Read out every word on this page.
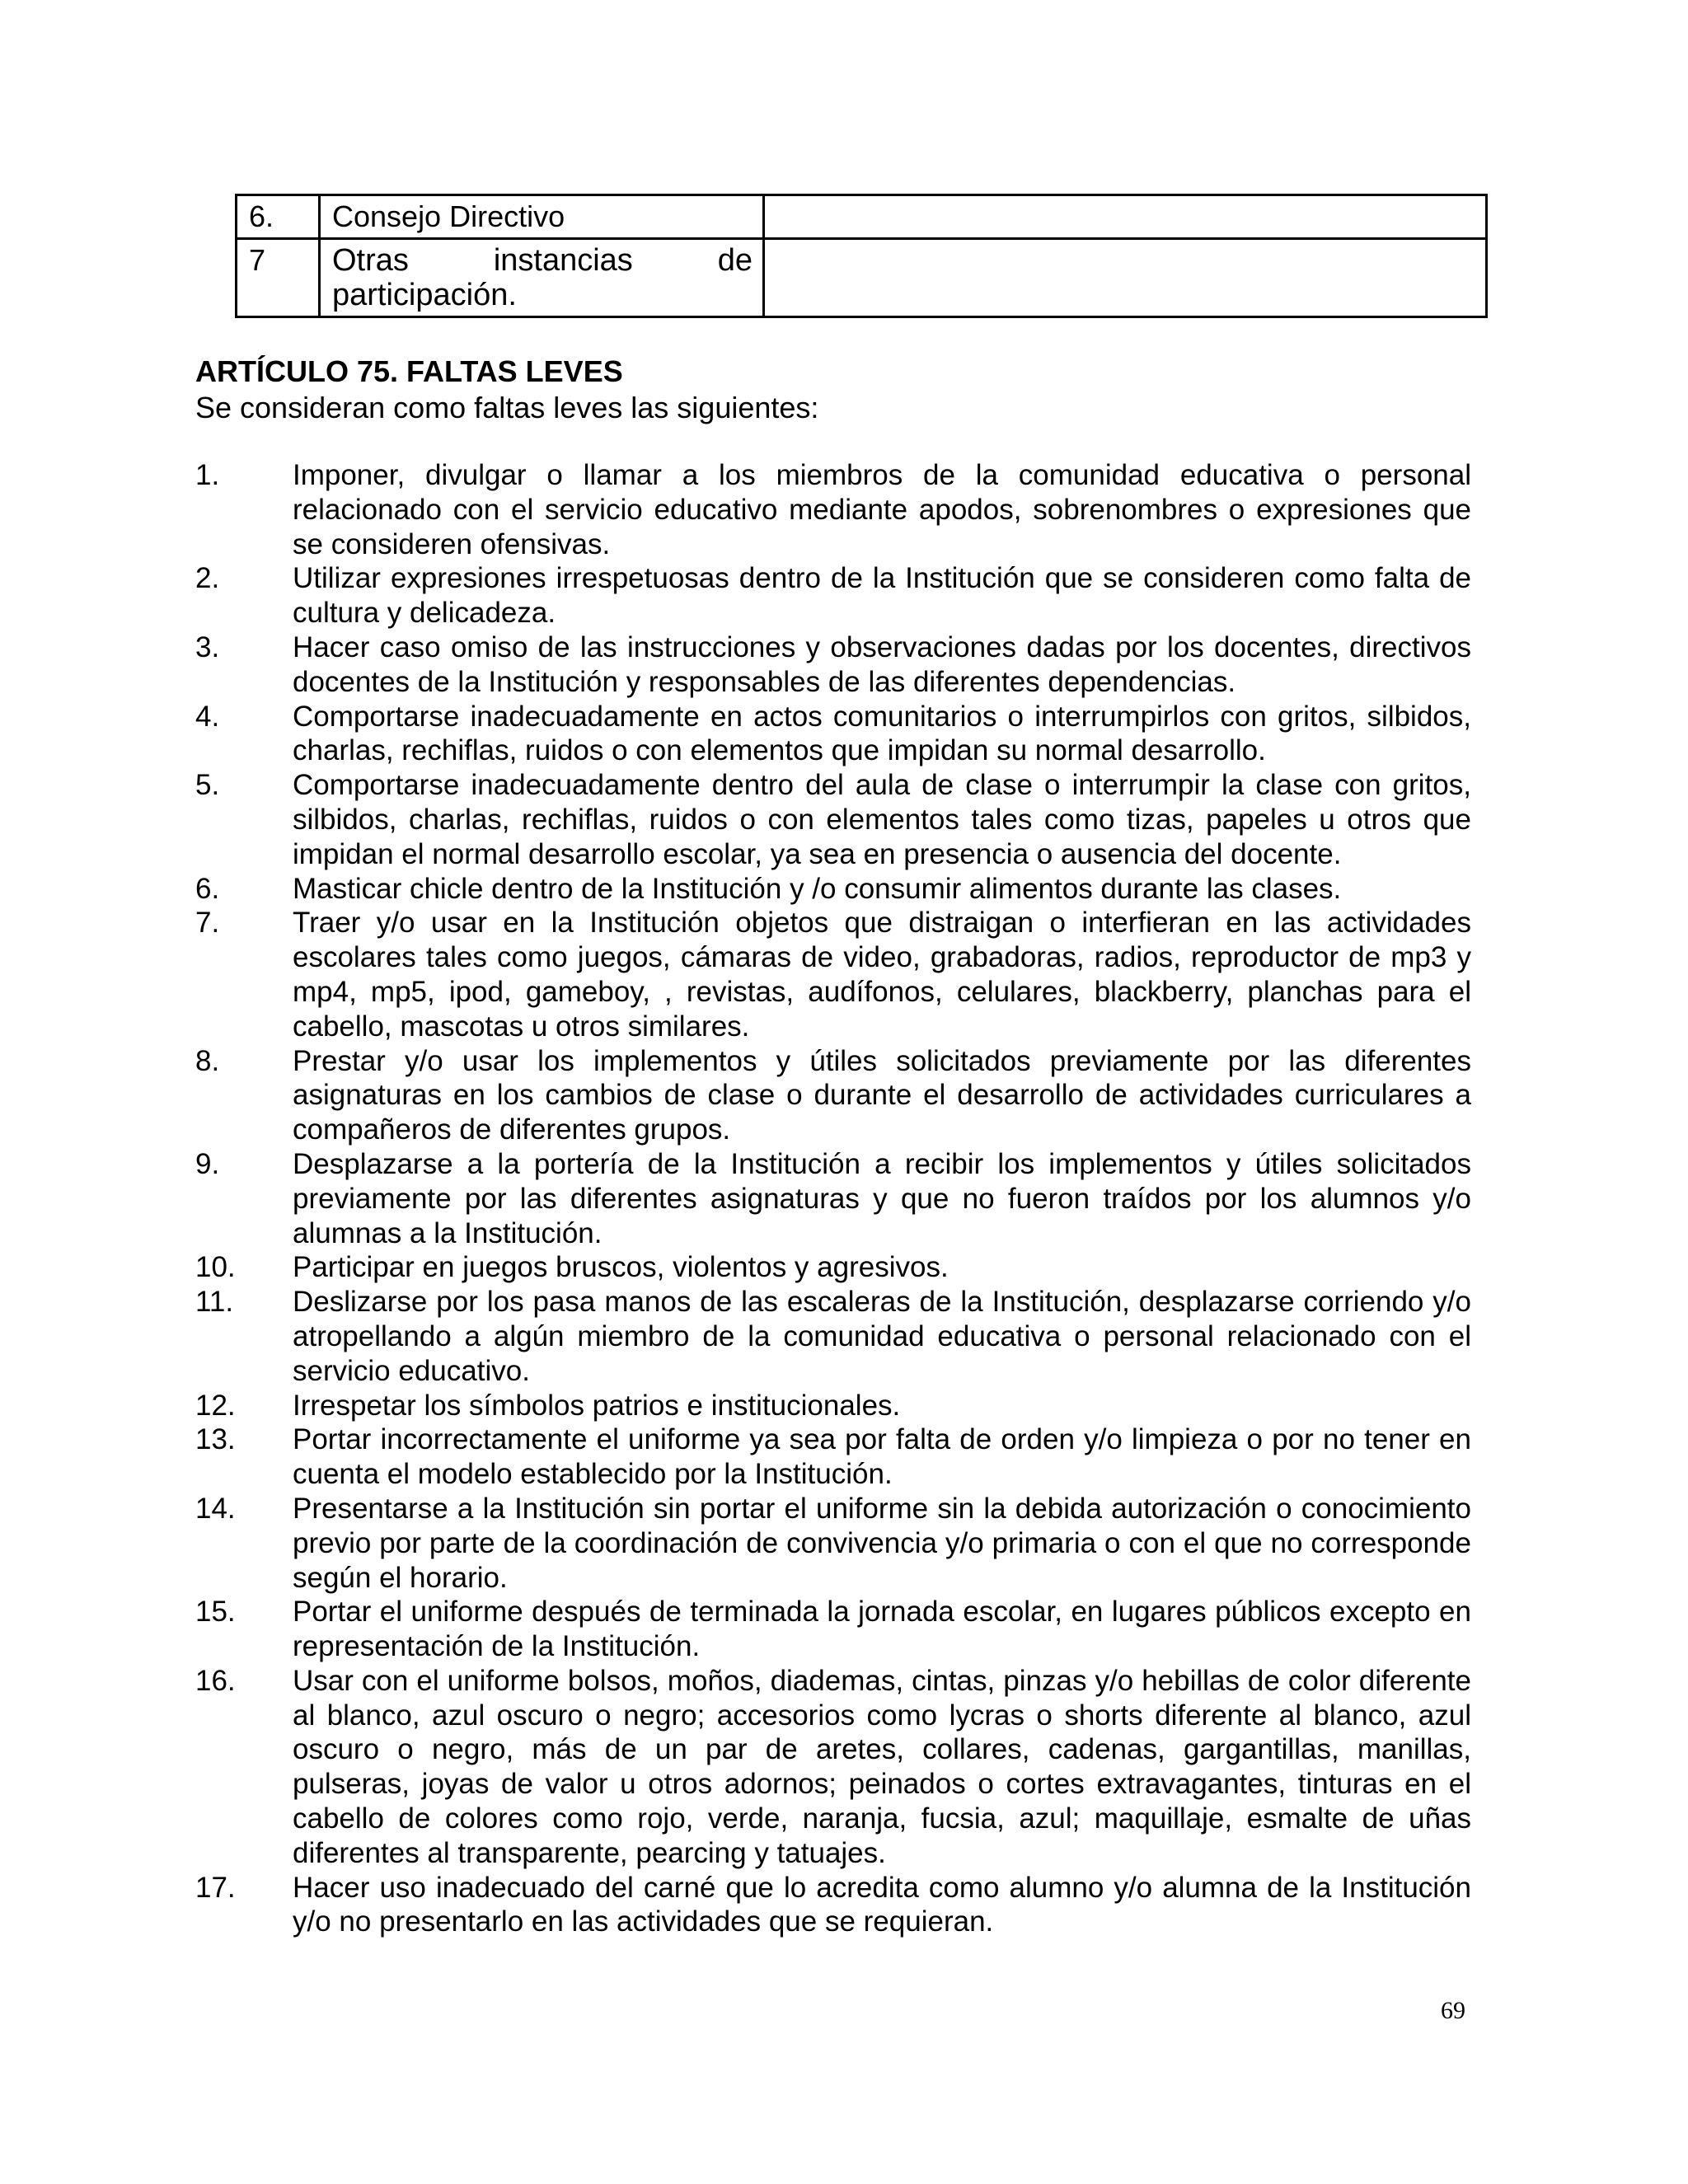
6.	Consejo Directivo	
7	Otras instancias de participación.	
ARTÍCULO 75. FALTAS LEVES
Se consideran como faltas leves las siguientes:
1.	Imponer, divulgar o llamar a los miembros de la comunidad educativa o personal relacionado con el servicio educativo mediante apodos, sobrenombres o expresiones que se consideren ofensivas.
2.	Utilizar expresiones irrespetuosas dentro de la Institución que se consideren como falta de cultura y delicadeza.
3.	Hacer caso omiso de las instrucciones y observaciones dadas por los docentes, directivos docentes de la Institución y responsables de las diferentes dependencias.
4.	Comportarse inadecuadamente en actos comunitarios o interrumpirlos con gritos, silbidos, charlas, rechiflas, ruidos o con elementos que impidan su normal desarrollo.
5.	Comportarse inadecuadamente dentro del aula de clase o interrumpir la clase con gritos, silbidos, charlas, rechiflas, ruidos o con elementos tales como tizas, papeles u otros que impidan el normal desarrollo escolar, ya sea en presencia o ausencia del docente.
6.	Masticar chicle dentro de la Institución y /o consumir alimentos durante las clases.
7.	Traer y/o usar en la Institución objetos que distraigan o interfieran en las actividades escolares tales como juegos, cámaras de video, grabadoras, radios, reproductor de mp3 y mp4, mp5, ipod, gameboy, , revistas, audífonos, celulares, blackberry, planchas para el cabello, mascotas u otros similares.
8.	Prestar y/o usar los implementos y útiles solicitados previamente por las diferentes asignaturas en los cambios de clase o durante el desarrollo de actividades curriculares a compañeros de diferentes grupos.
9.	Desplazarse a la portería de la Institución a recibir los implementos y útiles solicitados previamente por las diferentes asignaturas y que no fueron traídos por los alumnos y/o alumnas a la Institución.
10.	Participar en juegos bruscos, violentos y agresivos.
11.	Deslizarse por los pasa manos de las escaleras de la Institución, desplazarse corriendo y/o atropellando a algún miembro de la comunidad educativa o personal relacionado con el servicio educativo.
12.	Irrespetar los símbolos patrios e institucionales.
13.	Portar incorrectamente el uniforme ya sea por falta de orden y/o limpieza o por no tener en cuenta el modelo establecido por la Institución.
14.	Presentarse a la Institución sin portar el uniforme sin la debida autorización o conocimiento previo por parte de la coordinación de convivencia y/o primaria o con el que no corresponde según el horario.
15.	Portar el uniforme después de terminada la jornada escolar, en lugares públicos excepto en representación de la Institución.
16.	Usar con el uniforme bolsos, moños, diademas, cintas, pinzas y/o hebillas de color diferente al blanco, azul oscuro o negro; accesorios como lycras o shorts diferente al blanco, azul oscuro o negro, más de un par de aretes, collares, cadenas, gargantillas, manillas, pulseras, joyas de valor u otros adornos; peinados o cortes extravagantes, tinturas en el cabello de colores como rojo, verde, naranja, fucsia, azul; maquillaje, esmalte de uñas diferentes al transparente, pearcing y tatuajes.
17.	Hacer uso inadecuado del carné que lo acredita como alumno y/o alumna de la Institución y/o no presentarlo en las actividades que se requieran.
69
